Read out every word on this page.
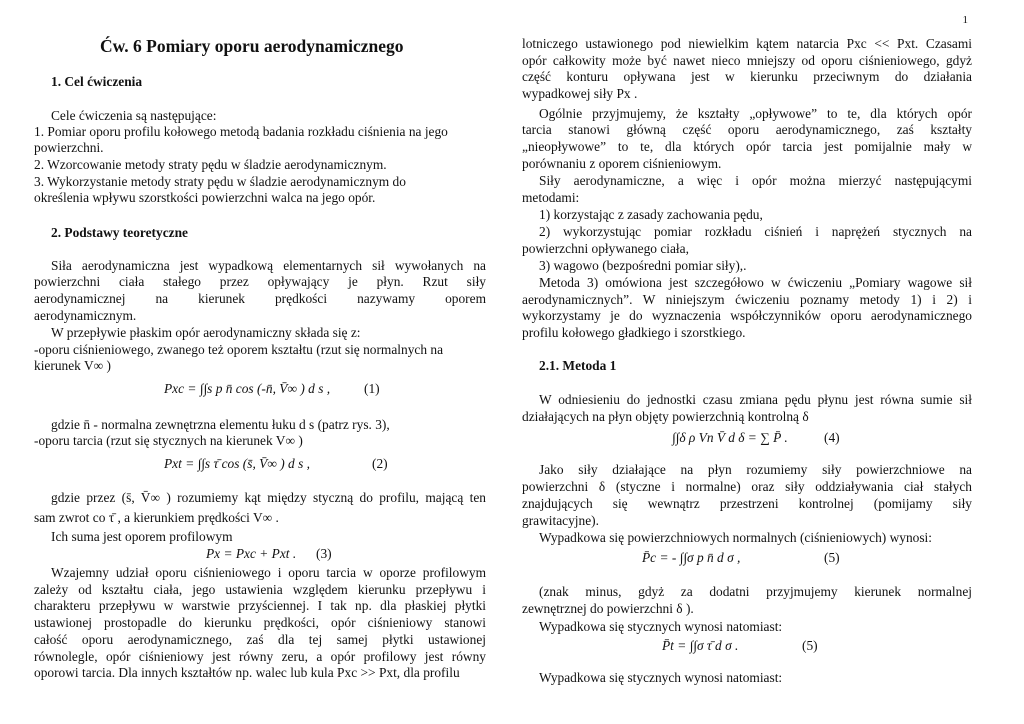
1
Ćw. 6 Pomiary oporu aerodynamicznego
1. Cel ćwiczenia
Cele ćwiczenia są następujące:
1. Pomiar oporu profilu kołowego metodą badania rozkładu ciśnienia na jego
powierzchni.
2. Wzorcowanie metody straty pędu w śladzie aerodynamicznym.
3. Wykorzystanie metody straty pędu w śladzie aerodynamicznym do
określenia wpływu szorstkości powierzchni walca na jego opór.
2. Podstawy teoretyczne
Siła aerodynamiczna jest wypadkową elementarnych sił wywołanych na
powierzchni ciała stałego przez opływający je płyn. Rzut siły
aerodynamicznej na kierunek prędkości nazywamy oporem
aerodynamicznym.
W przepływie płaskim opór aerodynamiczny składa się z:
-oporu ciśnieniowego, zwanego też oporem kształtu (rzut się normalnych na
kierunek V∞ )
Pxc = ∫∫s p n̄ cos (-n̄, V̄∞ ) d s ,	(1)
gdzie n̄ - normalna zewnętrzna elementu łuku d s (patrz rys. 3),
-oporu tarcia (rzut się stycznych na kierunek V∞ )
Pxt = ∫∫s τ̄ cos (s̄, V̄∞ ) d s ,	(2)
gdzie przez (s̄, V̄∞ ) rozumiemy kąt między styczną do profilu, mającą ten
sam zwrot co τ̄ , a kierunkiem prędkości V∞ .
Ich suma jest oporem profilowym
Px = Pxc + Pxt . (3)
Wzajemny udział oporu ciśnieniowego i oporu tarcia w oporze profilowym
zależy od kształtu ciała, jego ustawienia względem kierunku przepływu i
charakteru przepływu w warstwie przyściennej. I tak np. dla płaskiej płytki
ustawionej prostopadle do kierunku prędkości, opór ciśnieniowy stanowi
całość oporu aerodynamicznego, zaś dla tej samej płytki ustawionej
równolegle, opór ciśnieniowy jest równy zeru, a opór profilowy jest równy
oporowi tarcia. Dla innych kształtów np. walec lub kula Pxc >> Pxt, dla profilu
lotniczego ustawionego pod niewielkim kątem natarcia Pxc << Pxt. Czasami
opór całkowity może być nawet nieco mniejszy od oporu ciśnieniowego, gdyż
część konturu opływana jest w kierunku przeciwnym do działania
wypadkowej siły Px .
Ogólnie przyjmujemy, że kształty „opływowe” to te, dla których opór
tarcia stanowi główną część oporu aerodynamicznego, zaś kształty
„nieopływowe” to te, dla których opór tarcia jest pomijalnie mały w
porównaniu z oporem ciśnieniowym.
Siły aerodynamiczne, a więc i opór można mierzyć następującymi
metodami:
1) korzystając z zasady zachowania pędu,
2) wykorzystując pomiar rozkładu ciśnień i naprężeń stycznych na
powierzchni opływanego ciała,
3) wagowo (bezpośredni pomiar siły),.
Metoda 3) omówiona jest szczegółowo w ćwiczeniu „Pomiary wagowe sił
aerodynamicznych”. W niniejszym ćwiczeniu poznamy metody 1) i 2) i
wykorzystamy je do wyznaczenia współczynników oporu aerodynamicznego
profilu kołowego gładkiego i szorstkiego.
2.1. Metoda 1
W odniesieniu do jednostki czasu zmiana pędu płynu jest równa sumie sił
działających na płyn objęty powierzchnią kontrolną δ
∫∫δ ρ Vn V̄ d δ = ∑ P̄ .	(4)
Jako siły działające na płyn rozumiemy siły powierzchniowe na
powierzchni δ (styczne i normalne) oraz siły oddziaływania ciał stałych
znajdujących się wewnątrz przestrzeni kontrolnej (pomijamy siły
grawitacyjne).
Wypadkowa się powierzchniowych normalnych (ciśnieniowych) wynosi:
P̄c = - ∫∫σ p n̄ d σ ,	(5)
(znak minus, gdyż za dodatni przyjmujemy kierunek normalnej
zewnętrznej do powierzchni δ ).
Wypadkowa się stycznych wynosi natomiast:
P̄t = ∫∫σ τ̄ d σ .	(5)
Wypadkowa się stycznych wynosi natomiast:
